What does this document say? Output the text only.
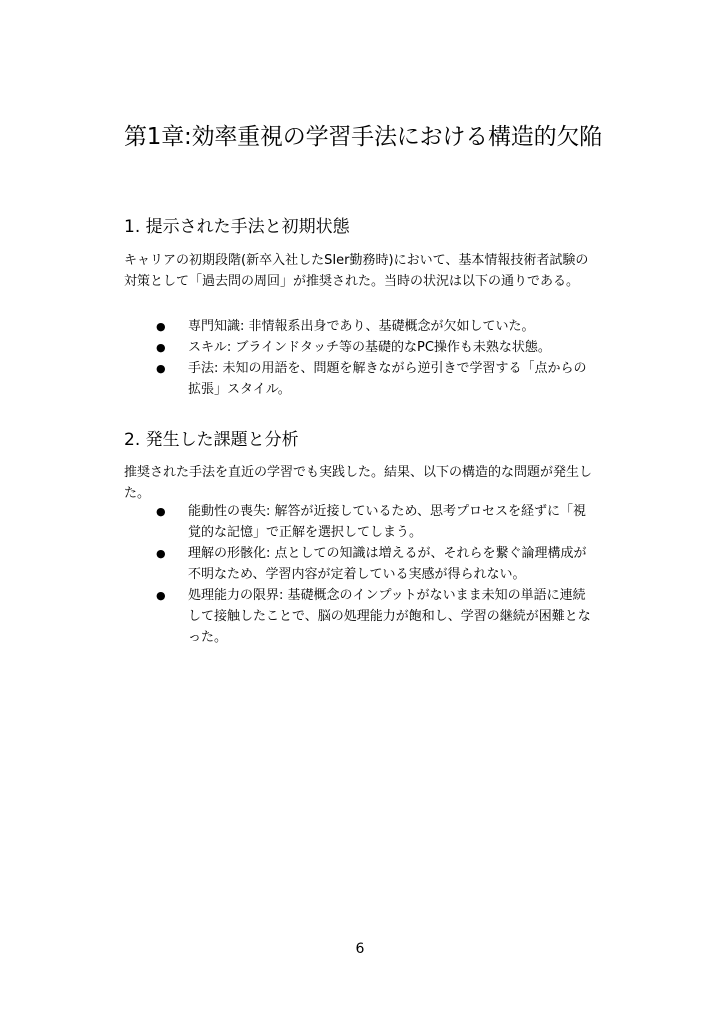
第1章:効率重視の学習手法における構造的欠陥
1. 提示された手法と初期状態

キャリアの初期段階(新卒入社したSIer勤務時)において、基本情報技術者試験の対策として「過去問の周回」が推奨された。当時の状況は以下の通りである。

● 専門知識: 非情報系出身であり、基礎概念が欠如していた。
● スキル: ブラインドタッチ等の基礎的なPC操作も未熟な状態。
● 手法: 未知の用語を、問題を解きながら逆引きで学習する「点からの拡張」スタイル。
2. 発生した課題と分析

推奨された手法を直近の学習でも実践した。結果、以下の構造的な問題が発生した。

● 能動性の喪失: 解答が近接しているため、思考プロセスを経ずに「視覚的な記憶」で正解を選択してしまう。
● 理解の形骸化: 点としての知識は増えるが、それらを繋ぐ論理構成が不明なため、学習内容が定着している実感が得られない。
● 処理能力の限界: 基礎概念のインプットがないまま未知の単語に連続して接触したことで、脳の処理能力が飽和し、学習の継続が困難となった。
6
